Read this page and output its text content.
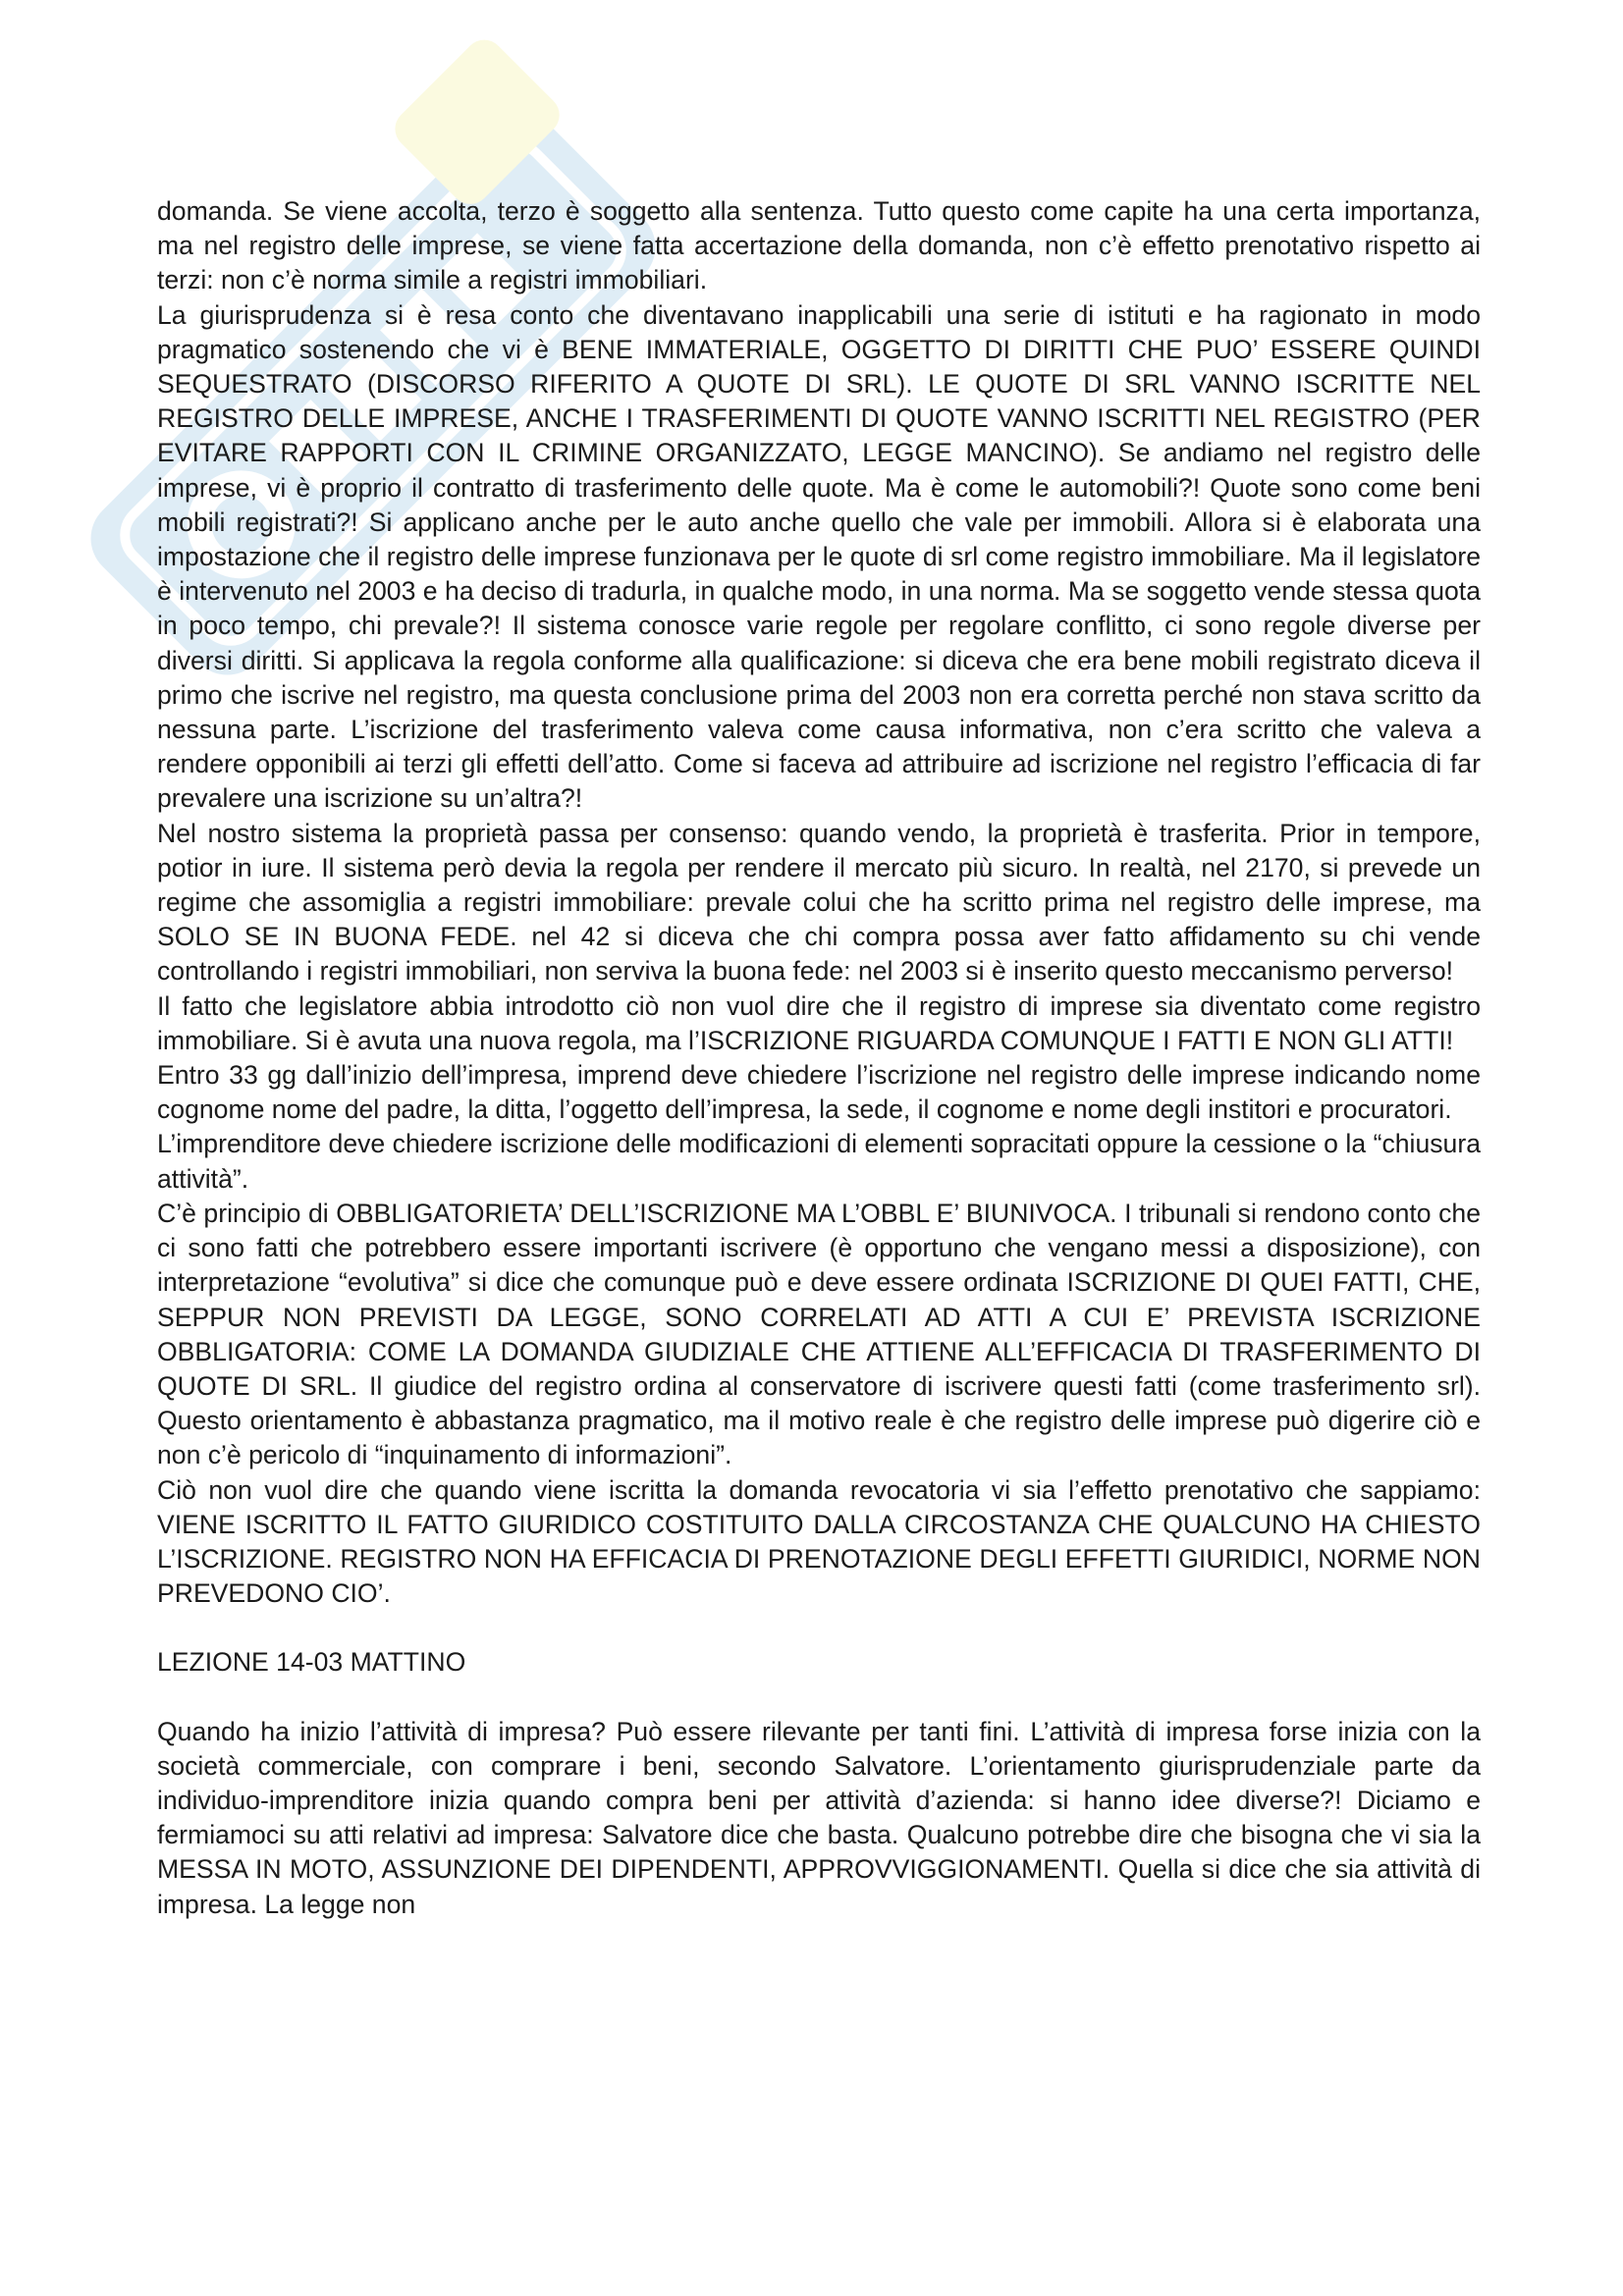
domanda. Se viene accolta, terzo è soggetto alla sentenza. Tutto questo come capite ha una certa importanza, ma nel registro delle imprese, se viene fatta accertazione della domanda, non c’è effetto prenotativo rispetto ai terzi: non c’è norma simile a registri immobiliari.

La giurisprudenza si è resa conto che diventavano inapplicabili una serie di istituti e ha ragionato in modo pragmatico sostenendo che vi è BENE IMMATERIALE, OGGETTO DI DIRITTI CHE PUO’ ESSERE QUINDI SEQUESTRATO (DISCORSO RIFERITO A QUOTE DI SRL). LE QUOTE DI SRL VANNO ISCRITTE NEL REGISTRO DELLE IMPRESE, ANCHE I TRASFERIMENTI DI QUOTE VANNO ISCRITTI NEL REGISTRO (PER EVITARE RAPPORTI CON IL CRIMINE ORGANIZZATO, LEGGE MANCINO). Se andiamo nel registro delle imprese, vi è proprio il contratto di trasferimento delle quote. Ma è come le automobili?! Quote sono come beni mobili registrati?! Si applicano anche per le auto anche quello che vale per immobili. Allora si è elaborata una impostazione che il registro delle imprese funzionava per le quote di srl come registro immobiliare. Ma il legislatore è intervenuto nel 2003 e ha deciso di tradurla, in qualche modo, in una norma. Ma se soggetto vende stessa quota in poco tempo, chi prevale?! Il sistema conosce varie regole per regolare conflitto, ci sono regole diverse per diversi diritti. Si applicava la regola conforme alla qualificazione: si diceva che era bene mobili registrato diceva il primo che iscrive nel registro, ma questa conclusione prima del 2003 non era corretta perché non stava scritto da nessuna parte. L’iscrizione del trasferimento valeva come causa informativa, non c’era scritto che valeva a rendere opponibili ai terzi gli effetti dell’atto. Come si faceva ad attribuire ad iscrizione nel registro l’efficacia di far prevalere una iscrizione su un’altra?!

Nel nostro sistema la proprietà passa per consenso: quando vendo, la proprietà è trasferita. Prior in tempore, potior in iure. Il sistema però devia la regola per rendere il mercato più sicuro. In realtà, nel 2170, si prevede un regime che assomiglia a registri immobiliare: prevale colui che ha scritto prima nel registro delle imprese, ma SOLO SE IN BUONA FEDE. nel 42 si diceva che chi compra possa aver fatto affidamento su chi vende controllando i registri immobiliari, non serviva la buona fede: nel 2003 si è inserito questo meccanismo perverso!

Il fatto che legislatore abbia introdotto ciò non vuol dire che il registro di imprese sia diventato come registro immobiliare. Si è avuta una nuova regola, ma l’ISCRIZIONE RIGUARDA COMUNQUE I FATTI E NON GLI ATTI!

Entro 33 gg dall’inizio dell’impresa, imprend deve chiedere l’iscrizione nel registro delle imprese indicando nome cognome nome del padre, la ditta, l’oggetto dell’impresa, la sede, il cognome e nome degli institori e procuratori.

L’imprenditore deve chiedere iscrizione delle modificazioni di elementi sopracitati oppure la cessione o la “chiusura attività”.

C’è principio di OBBLIGATORIETA’ DELL’ISCRIZIONE MA L’OBBL E’ BIUNIVOCA. I tribunali si rendono conto che ci sono fatti che potrebbero essere importanti iscrivere (è opportuno che vengano messi a disposizione), con interpretazione “evolutiva” si dice che comunque può e deve essere ordinata ISCRIZIONE DI QUEI FATTI, CHE, SEPPUR NON PREVISTI DA LEGGE, SONO CORRELATI AD ATTI A CUI E’ PREVISTA ISCRIZIONE OBBLIGATORIA: COME LA DOMANDA GIUDIZIALE CHE ATTIENE ALL’EFFICACIA DI TRASFERIMENTO DI QUOTE DI SRL. Il giudice del registro ordina al conservatore di iscrivere questi fatti (come trasferimento srl). Questo orientamento è abbastanza pragmatico, ma il motivo reale è che registro delle imprese può digerire ciò e non c’è pericolo di “inquinamento di informazioni”.

Ciò non vuol dire che quando viene iscritta la domanda revocatoria vi sia l’effetto prenotativo che sappiamo: VIENE ISCRITTO IL FATTO GIURIDICO COSTITUITO DALLA CIRCOSTANZA CHE QUALCUNO HA CHIESTO L’ISCRIZIONE. REGISTRO NON HA EFFICACIA DI PRENOTAZIONE DEGLI EFFETTI GIURIDICI, NORME NON PREVEDONO CIO’.

LEZIONE 14-03 MATTINO

Quando ha inizio l’attività di impresa? Può essere rilevante per tanti fini. L’attività di impresa forse inizia con la società commerciale, con comprare i beni, secondo Salvatore. L’orientamento giurisprudenziale parte da individuo-imprenditore inizia quando compra beni per attività d’azienda: si hanno idee diverse?! Diciamo e fermiamoci su atti relativi ad impresa: Salvatore dice che basta. Qualcuno potrebbe dire che bisogna che vi sia la MESSA IN MOTO, ASSUNZIONE DEI DIPENDENTI, APPROVVIGGIONAMENTI. Quella si dice che sia attività di impresa. La legge non
